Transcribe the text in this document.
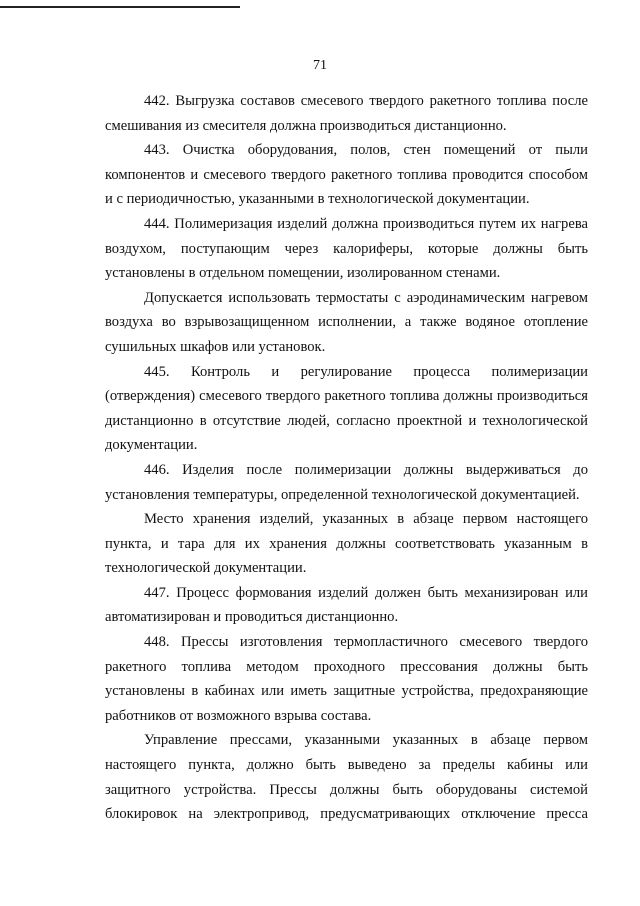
71

442. Выгрузка составов смесевого твердого ракетного топлива после смешивания из смесителя должна производиться дистанционно.

443. Очистка оборудования, полов, стен помещений от пыли компонентов и смесевого твердого ракетного топлива проводится способом и с периодичностью, указанными в технологической документации.

444. Полимеризация изделий должна производиться путем их нагрева воздухом, поступающим через калориферы, которые должны быть установлены в отдельном помещении, изолированном стенами.

Допускается использовать термостаты с аэродинамическим нагревом воздуха во взрывозащищенном исполнении, а также водяное отопление сушильных шкафов или установок.

445. Контроль и регулирование процесса полимеризации (отверждения) смесевого твердого ракетного топлива должны производиться дистанционно в отсутствие людей, согласно проектной и технологической документации.

446. Изделия после полимеризации должны выдерживаться до установления температуры, определенной технологической документацией.

Место хранения изделий, указанных в абзаце первом настоящего пункта, и тара для их хранения должны соответствовать указанным в технологической документации.

447. Процесс формования изделий должен быть механизирован или автоматизирован и проводиться дистанционно.

448. Прессы изготовления термопластичного смесевого твердого ракетного топлива методом проходного прессования должны быть установлены в кабинах или иметь защитные устройства, предохраняющие работников от возможного взрыва состава.

Управление прессами, указанными указанных в абзаце первом настоящего пункта, должно быть выведено за пределы кабины или защитного устройства. Прессы должны быть оборудованы системой блокировок на электропривод, предусматривающих отключение пресса
